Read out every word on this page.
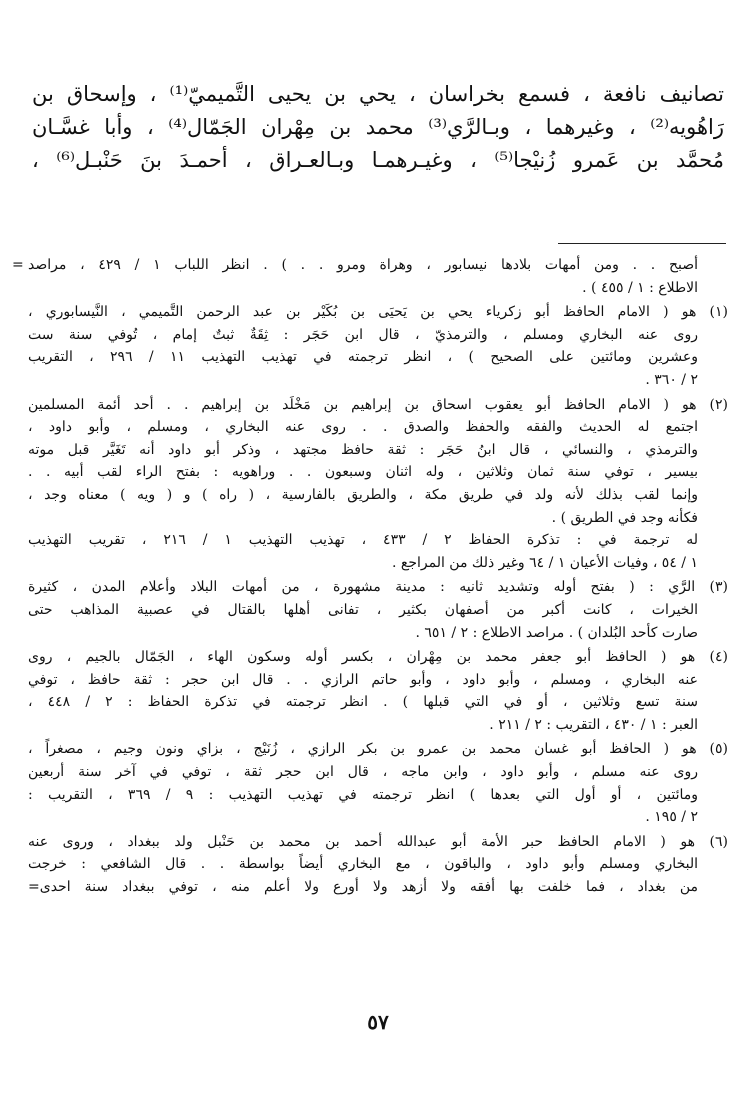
تصانيف نافعة ، فسمع بخراسان ، يحي بن يحيى التَّميميّ⁽¹⁾ ، وإسحاق بن
رَاهُويه⁽²⁾ ، وغيرهما ، وبـالرَّي⁽³⁾ محمد بن مِهْران الجَمّال⁽⁴⁾ ، وأبا غسَّـان
مُحمَّد بن عَمرو زُنيْجا⁽⁵⁾ ، وغيـرهمـا وبـالعـراق ، أحمـدَ بنَ حَنْبـل⁽⁶⁾ ،
= أصبح . . ومن أمهات بلادها نيسابور ، وهراة ومرو . . ) . انظر اللباب ١ / ٤٢٩ ، مراصد
الاطلاع : ١ / ٤٥٥ ) .
(١) هو ( الامام الحافظ أبو زكرياء يحي بن يَحيَى بن بُكَيْر بن عبد الرحمن التَّميمي ، النَّيسابوري ،
روى عنه البخاري ومسلم ، والترمذيّ ، قال ابن حَجَر : ثِقَةٌ ثبتٌ إمام ، تُوفي سنة ست
وعشرين ومائتين على الصحيح ) ، انظر ترجمته في تهذيب التهذيب ١١ / ٢٩٦ ، التقريب
٢ / ٣٦٠ .
(٢) هو ( الامام الحافظ أبو يعقوب اسحاق بن إبراهيم بن مَخْلَد بن إبراهيم . . أحد أئمة المسلمين
اجتمع له الحديث والفقه والحفظ والصدق . . روى عنه البخاري ، ومسلم ، وأبو داود ،
والترمذي ، والنسائي ، قال ابنُ حَجَر : ثقة حافظ مجتهد ، وذكر أبو داود أنه تَغَيَّر قبل موته
بيسير ، توفي سنة ثمان وثلاثين ، وله اثنان وسبعون . . وراهويه : بفتح الراء لقب أبيه . .
وإنما لقب بذلك لأنه ولد في طريق مكة ، والطريق بالفارسية ، ( راه ) و ( ويه ) معناه وجد ،
فكأنه وجد في الطريق ) .
له ترجمة في : تذكرة الحفاظ ٢ / ٤٣٣ ، تهذيب التهذيب ١ / ٢١٦ ، تقريب التهذيب
١ / ٥٤ ، وفيات الأعيان ١ / ٦٤ وغير ذلك من المراجع .
(٣) الرَّي : ( بفتح أوله وتشديد ثانيه : مدينة مشهورة ، من أمهات البلاد وأعلام المدن ، كثيرة
الخيرات ، كانت أكبر من أصفهان بكثير ، تفانى أهلها بالقتال في عصبية المذاهب حتى
صارت كأحد البُلدان ) . مراصد الاطلاع : ٢ / ٦٥١ .
(٤) هو ( الحافظ أبو جعفر محمد بن مِهْران ، بكسر أوله وسكون الهاء ، الجَمّال بالجيم ، روى
عنه البخاري ، ومسلم ، وأبو داود ، وأبو حاتم الرازي . . قال ابن حجر : ثقة حافظ ، توفي
سنة تسع وثلاثين ، أو في التي قبلها ) . انظر ترجمته في تذكرة الحفاظ : ٢ / ٤٤٨ ،
العبر : ١ / ٤٣٠ ، التقريب : ٢ / ٢١١ .
(٥) هو ( الحافظ أبو غسان محمد بن عمرو بن بكر الرازي ، زُنَيْج ، بزاي ونون وجيم ، مصغراً ،
روى عنه مسلم ، وأبو داود ، وابن ماجه ، قال ابن حجر ثقة ، توفي في آخر سنة أربعين
ومائتين ، أو أول التي بعدها ) انظر ترجمته في تهذيب التهذيب : ٩ / ٣٦٩ ، التقريب :
٢ / ١٩٥ .
(٦) هو ( الامام الحافظ حبر الأمة أبو عبدالله أحمد بن محمد بن حَنْبل ولد ببغداد ، وروى عنه
البخاري ومسلم وأبو داود ، والباقون ، مع البخاري أيضاً بواسطة . . قال الشافعي : خرجت
من بغداد ، فما خلفت بها أفقه ولا أزهد ولا أورع ولا أعلم منه ، توفي ببغداد سنة احدى=
٥٧
